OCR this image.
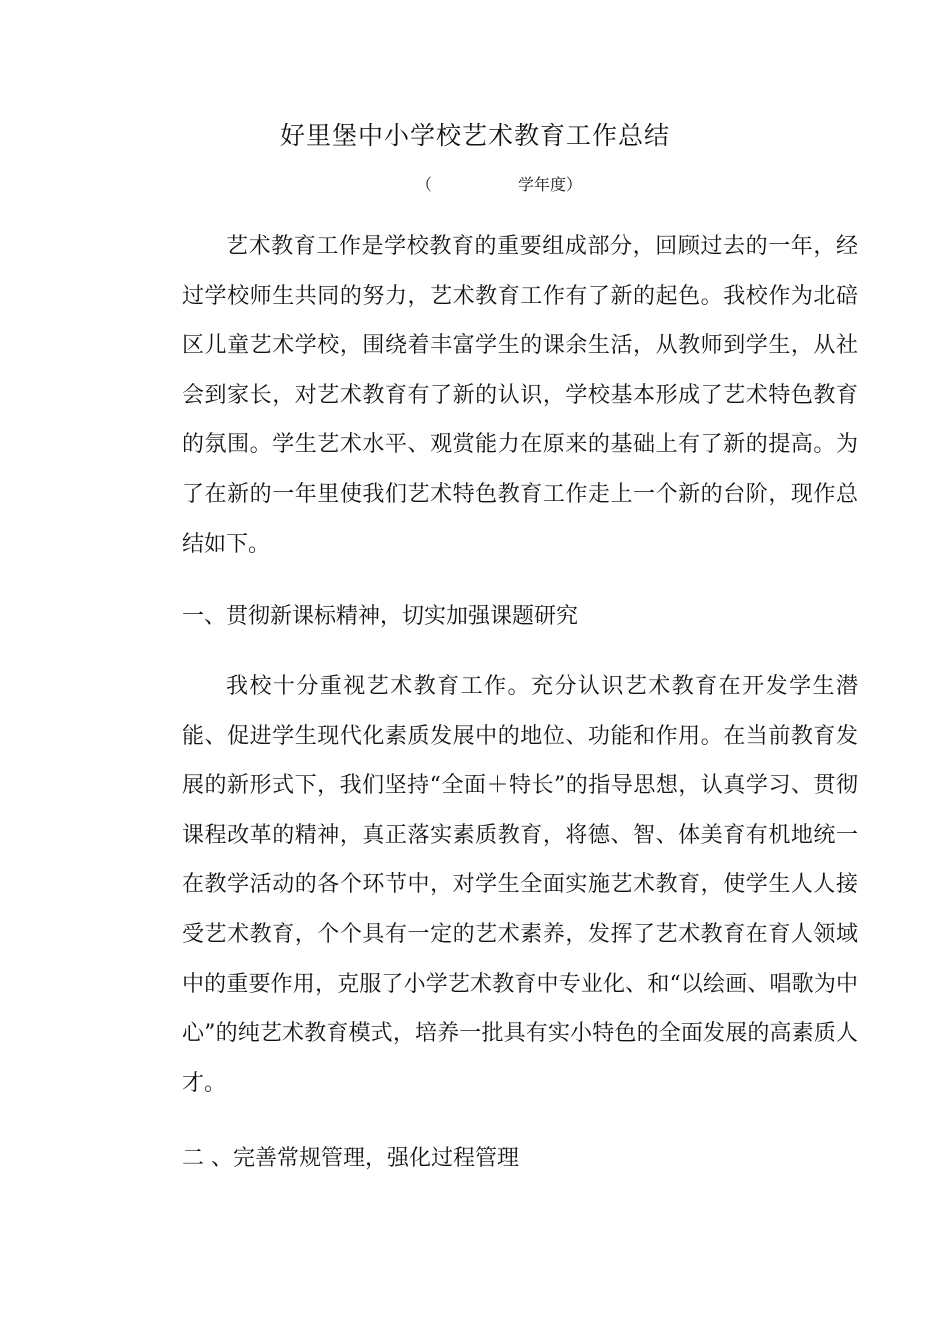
好里堡中小学校艺术教育工作总结
（	学年度）
艺术教育工作是学校教育的重要组成部分，回顾过去的一年，经过学校师生共同的努力，艺术教育工作有了新的起色。我校作为北碚区儿童艺术学校，围绕着丰富学生的课余生活，从教师到学生，从社会到家长，对艺术教育有了新的认识，学校基本形成了艺术特色教育的氛围。学生艺术水平、观赏能力在原来的基础上有了新的提高。为了在新的一年里使我们艺术特色教育工作走上一个新的台阶，现作总结如下。
一、贯彻新课标精神，切实加强课题研究
我校十分重视艺术教育工作。充分认识艺术教育在开发学生潜能、促进学生现代化素质发展中的地位、功能和作用。在当前教育发展的新形式下，我们坚持“全面＋特长”的指导思想，认真学习、贯彻课程改革的精神，真正落实素质教育，将德、智、体美育有机地统一在教学活动的各个环节中，对学生全面实施艺术教育，使学生人人接受艺术教育，个个具有一定的艺术素养，发挥了艺术教育在育人领域中的重要作用，克服了小学艺术教育中专业化、和“以绘画、唱歌为中心”的纯艺术教育模式，培养一批具有实小特色的全面发展的高素质人才。
二 、完善常规管理，强化过程管理
